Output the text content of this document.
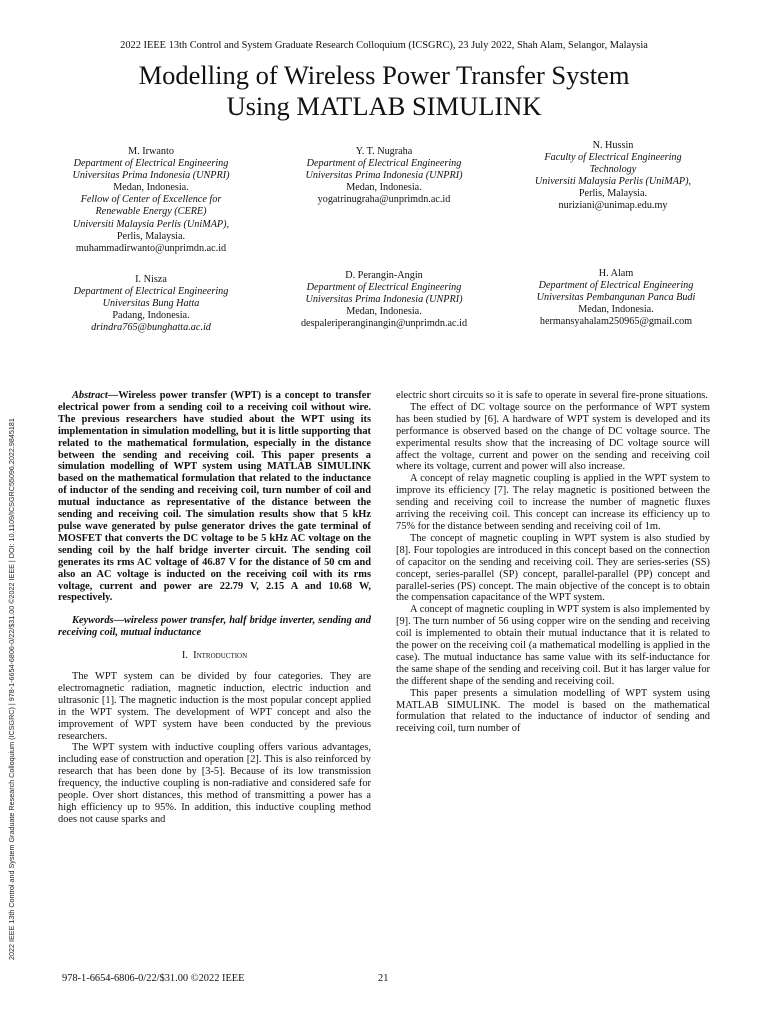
2022 IEEE 13th Control and System Graduate Research Colloquium (ICSGRC), 23 July 2022, Shah Alam, Selangor, Malaysia
Modelling of Wireless Power Transfer System
Using MATLAB SIMULINK
M. Irwanto
Department of Electrical Engineering
Universitas Prima Indonesia (UNPRI)
Medan, Indonesia.
Fellow of Center of Excellence for
Renewable Energy (CERE)
Universiti Malaysia Perlis (UniMAP),
Perlis, Malaysia.
muhammadirwanto@unprimdn.ac.id
Y. T. Nugraha
Department of Electrical Engineering
Universitas Prima Indonesia (UNPRI)
Medan, Indonesia.
yogatrinugraha@unprimdn.ac.id
N. Hussin
Faculty of Electrical Engineering
Technology
Universiti Malaysia Perlis (UniMAP),
Perlis, Malaysia.
nuriziani@unimap.edu.my
I. Nisza
Department of Electrical Engineering
Universitas Bung Hatta
Padang, Indonesia.
drindra765@bunghatta.ac.id
D. Perangin-Angin
Department of Electrical Engineering
Universitas Prima Indonesia (UNPRI)
Medan, Indonesia.
despaleriperanginangin@unprimdn.ac.id
H. Alam
Department of Electrical Engineering
Universitas Pembangunan Panca Budi
Medan, Indonesia.
hermansyahalam250965@gmail.com
2022 IEEE 13th Control and System Graduate Research Colloquium (ICSGRC) | 978-1-6654-6806-0/22/$31.00 ©2022 IEEE | DOI: 10.1109/ICSGRC55096.2022.9845181

Abstract—Wireless power transfer (WPT) is a concept to transfer electrical power from a sending coil to a receiving coil without wire. The previous researchers have studied about the WPT using its implementation in simulation modelling, but it is little supporting that related to the mathematical formulation, especially in the distance between the sending and receiving coil. This paper presents a simulation modelling of WPT system using MATLAB SIMULINK based on the mathematical formulation that related to the inductance of inductor of the sending and receiving coil, turn number of coil and mutual inductance as representative of the distance between the sending and receiving coil. The simulation results show that 5 kHz pulse wave generated by pulse generator drives the gate terminal of MOSFET that converts the DC voltage to be 5 kHz AC voltage on the sending coil by the half bridge inverter circuit. The sending coil generates its rms AC voltage of 46.87 V for the distance of 50 cm and also an AC voltage is inducted on the receiving coil with its rms voltage, current and power are 22.79 V, 2.15 A and 10.68 W, respectively.

Keywords—wireless power transfer, half bridge inverter, sending and receiving coil, mutual inductance

I. Introduction

The WPT system can be divided by four categories. They are electromagnetic radiation, magnetic induction, electric induction and ultrasonic [1]. The magnetic induction is the most popular concept applied in the WPT system. The development of WPT concept and also the improvement of WPT system have been conducted by the previous researchers.

The WPT system with inductive coupling offers various advantages, including ease of construction and operation [2]. This is also reinforced by research that has been done by [3-5]. Because of its low transmission frequency, the inductive coupling is non-radiative and considered safe for people. Over short distances, this method of transmitting a power has a high efficiency up to 95%. In addition, this inductive coupling method does not cause sparks and

electric short circuits so it is safe to operate in several fire-prone situations.

The effect of DC voltage source on the performance of WPT system has been studied by [6]. A hardware of WPT system is developed and its performance is observed based on the change of DC voltage source. The experimental results show that the increasing of DC voltage source will affect the voltage, current and power on the sending and receiving coil where its voltage, current and power will also increase.

A concept of relay magnetic coupling is applied in the WPT system to improve its efficiency [7]. The relay magnetic is positioned between the sending and receiving coil to increase the number of magnetic fluxes arriving the receiving coil. This concept can increase its efficiency up to 75% for the distance between sending and receiving coil of 1m.

The concept of magnetic coupling in WPT system is also studied by [8]. Four topologies are introduced in this concept based on the connection of capacitor on the sending and receiving coil. They are series-series (SS) concept, series-parallel (SP) concept, parallel-parallel (PP) concept and parallel-series (PS) concept. The main objective of the concept is to obtain the compensation capacitance of the WPT system.

A concept of magnetic coupling in WPT system is also implemented by [9]. The turn number of 56 using copper wire on the sending and receiving coil is implemented to obtain their mutual inductance that it is related to the power on the receiving coil (a mathematical modelling is applied in the case). The mutual inductance has same value with its self-inductance for the same shape of the sending and receiving coil. But it has larger value for the different shape of the sending and receiving coil.

This paper presents a simulation modelling of WPT system using MATLAB SIMULINK. The model is based on the mathematical formulation that related to the inductance of inductor of sending and receiving coil, turn number of

978-1-6654-6806-0/22/$31.00 ©2022 IEEE	21
